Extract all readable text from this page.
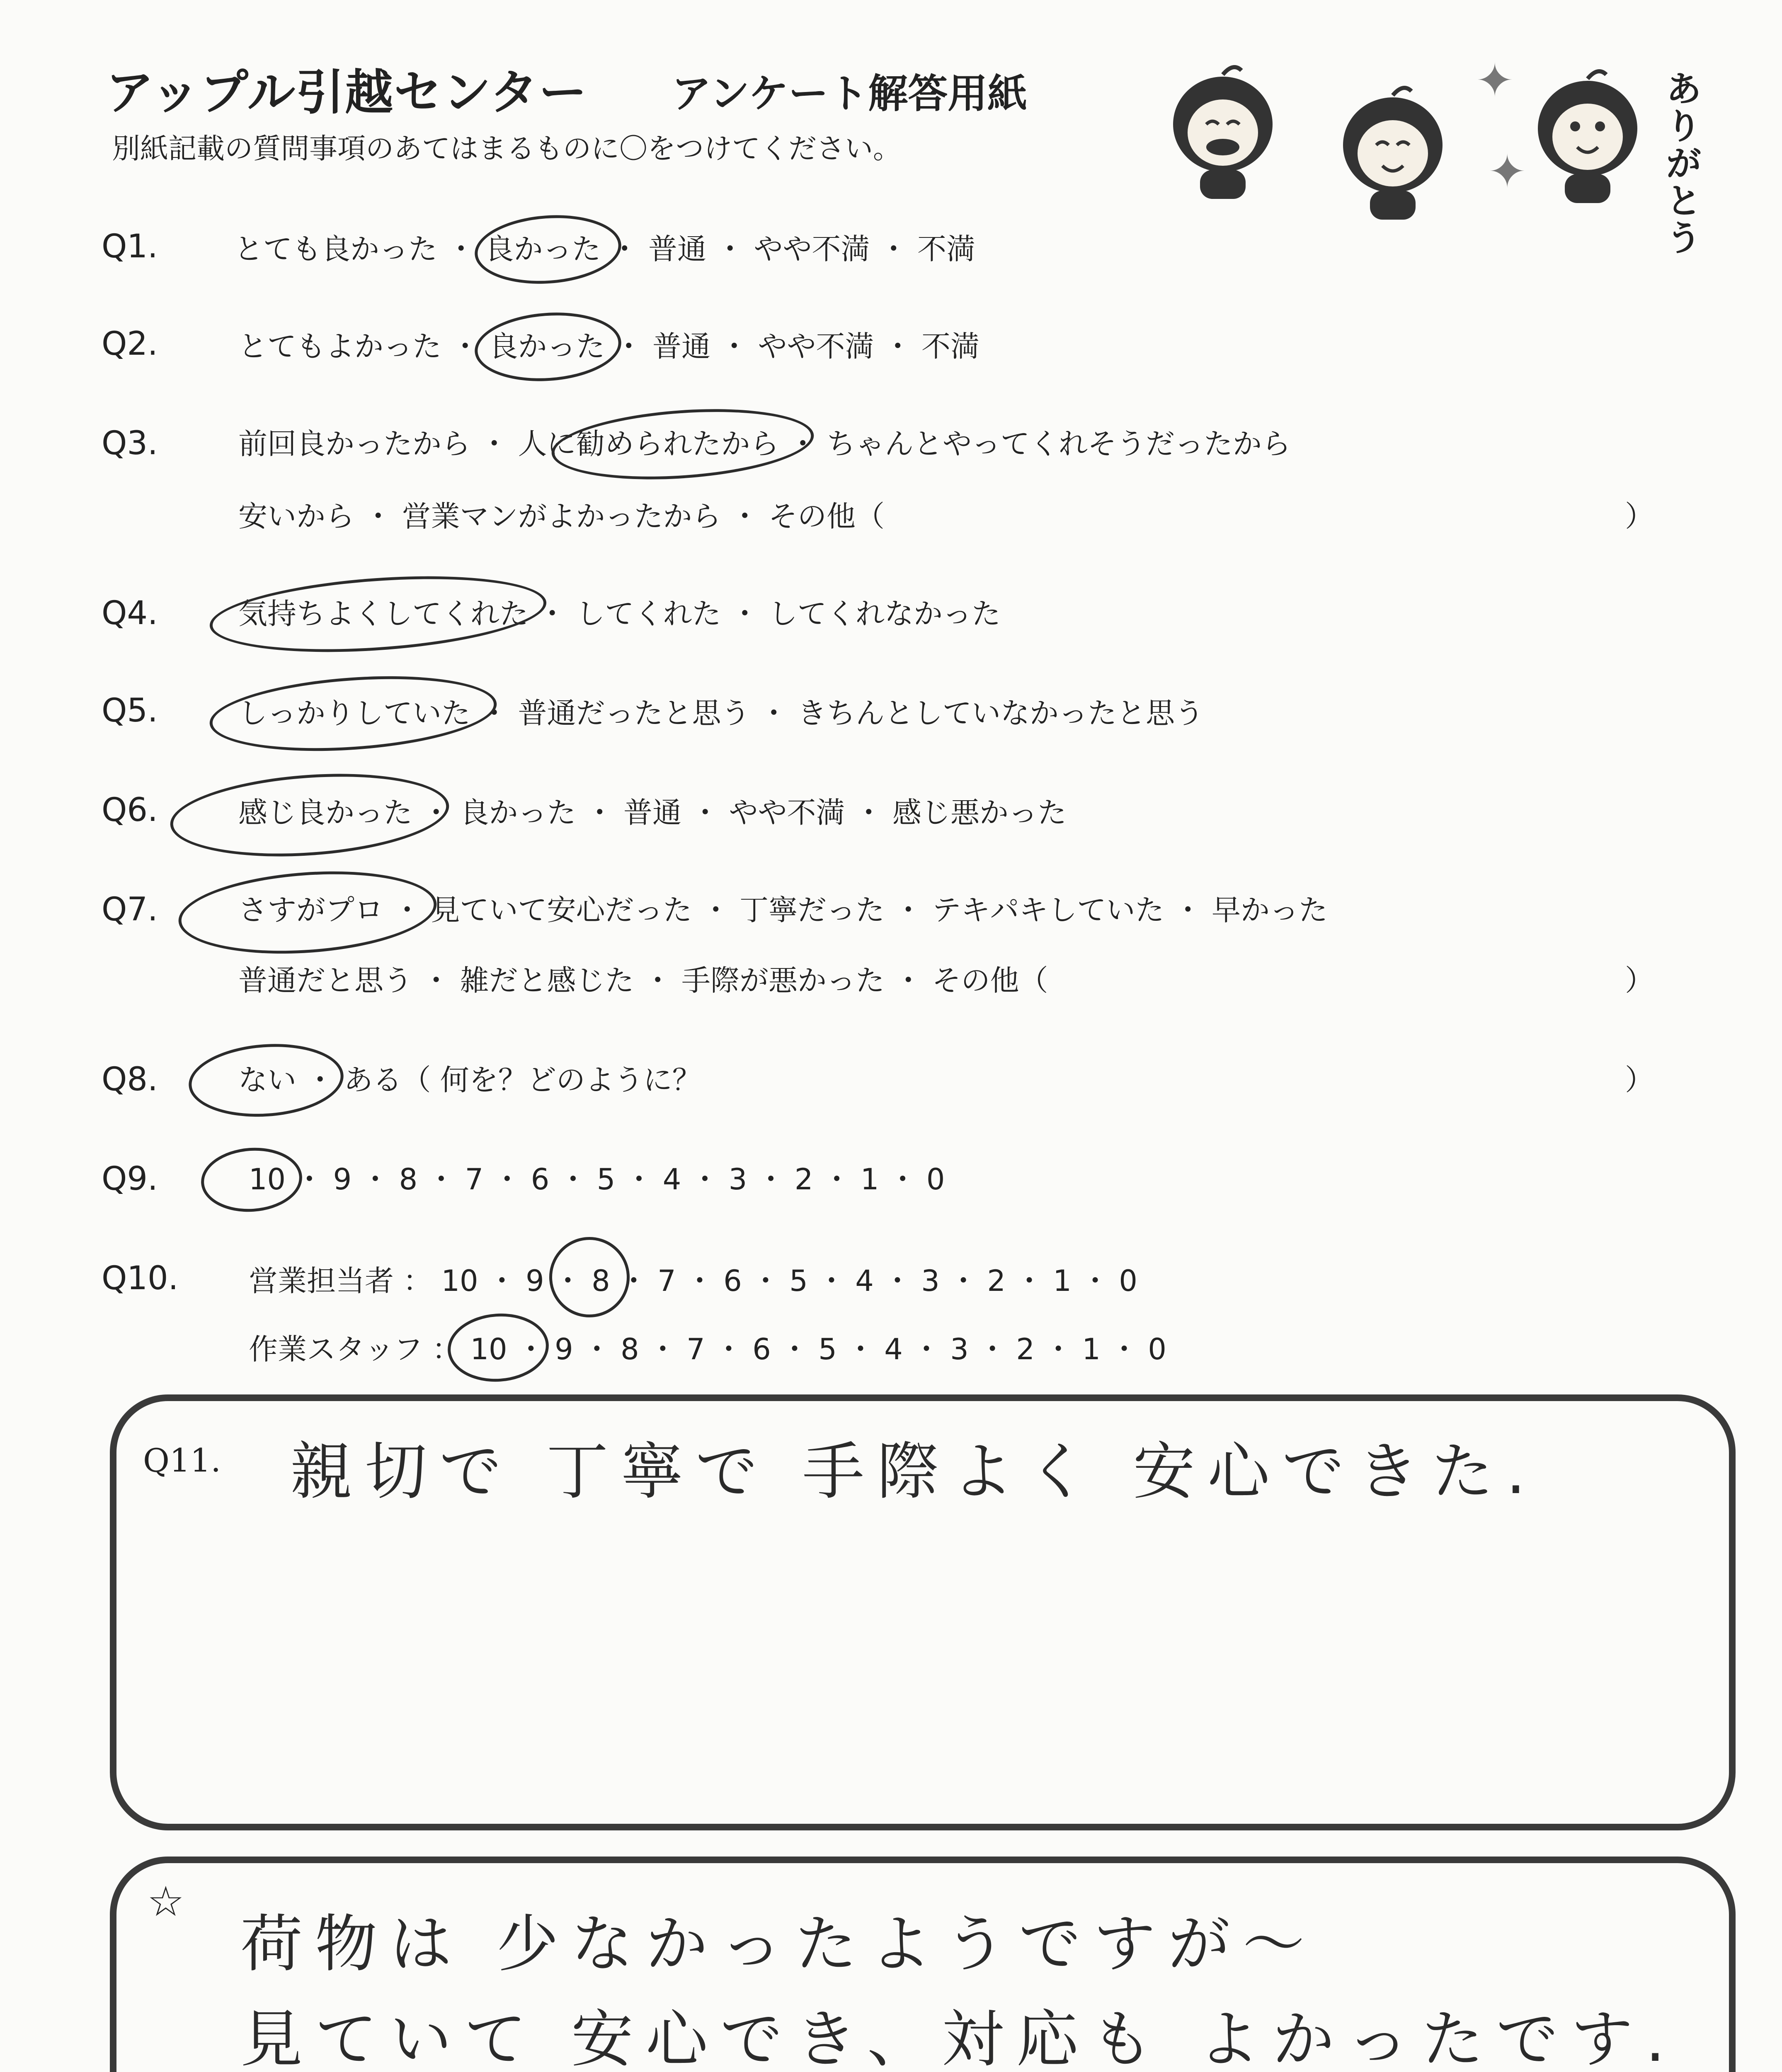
アップル引越センター アンケート解答用紙
別紙記載の質問事項のあてはまるものに〇をつけてください。
✦
✦
ありがとう
Q1.	とても良かった ・ 良かった ・ 普通 ・ やや不満 ・ 不満
Q2.	とてもよかった ・ 良かった ・ 普通 ・ やや不満 ・ 不満
Q3.	前回良かったから ・ 人に勧められたから ・ ちゃんとやってくれそうだったから
安いから ・ 営業マンがよかったから ・ その他（	）
Q4.	気持ちよくしてくれた ・ してくれた ・ してくれなかった
Q5.	しっかりしていた ・ 普通だったと思う ・ きちんとしていなかったと思う
Q6.	感じ良かった ・ 良かった ・ 普通 ・ やや不満 ・ 感じ悪かった
Q7.	さすがプロ ・ 見ていて安心だった ・ 丁寧だった ・ テキパキしていた ・ 早かった
普通だと思う ・ 雑だと感じた ・ 手際が悪かった ・ その他（	）
Q8.	ない ・ ある（ 何を？どのように？	）
Q9.	10 ・ 9 ・ 8 ・ 7 ・ 6 ・ 5 ・ 4 ・ 3 ・ 2 ・ 1 ・ 0
Q10. 営業担当者 ： 10 ・ 9 ・ 8 ・ 7 ・ 6 ・ 5 ・ 4 ・ 3 ・ 2 ・ 1 ・ 0
作業スタッフ ： 10 ・ 9 ・ 8 ・ 7 ・ 6 ・ 5 ・ 4 ・ 3 ・ 2 ・ 1 ・ 0
Q11. 親切で 丁寧で 手際よく 安心できた.
☆
荷物は 少なかったようですが〜
見ていて 安心でき、対応も よかったです.
